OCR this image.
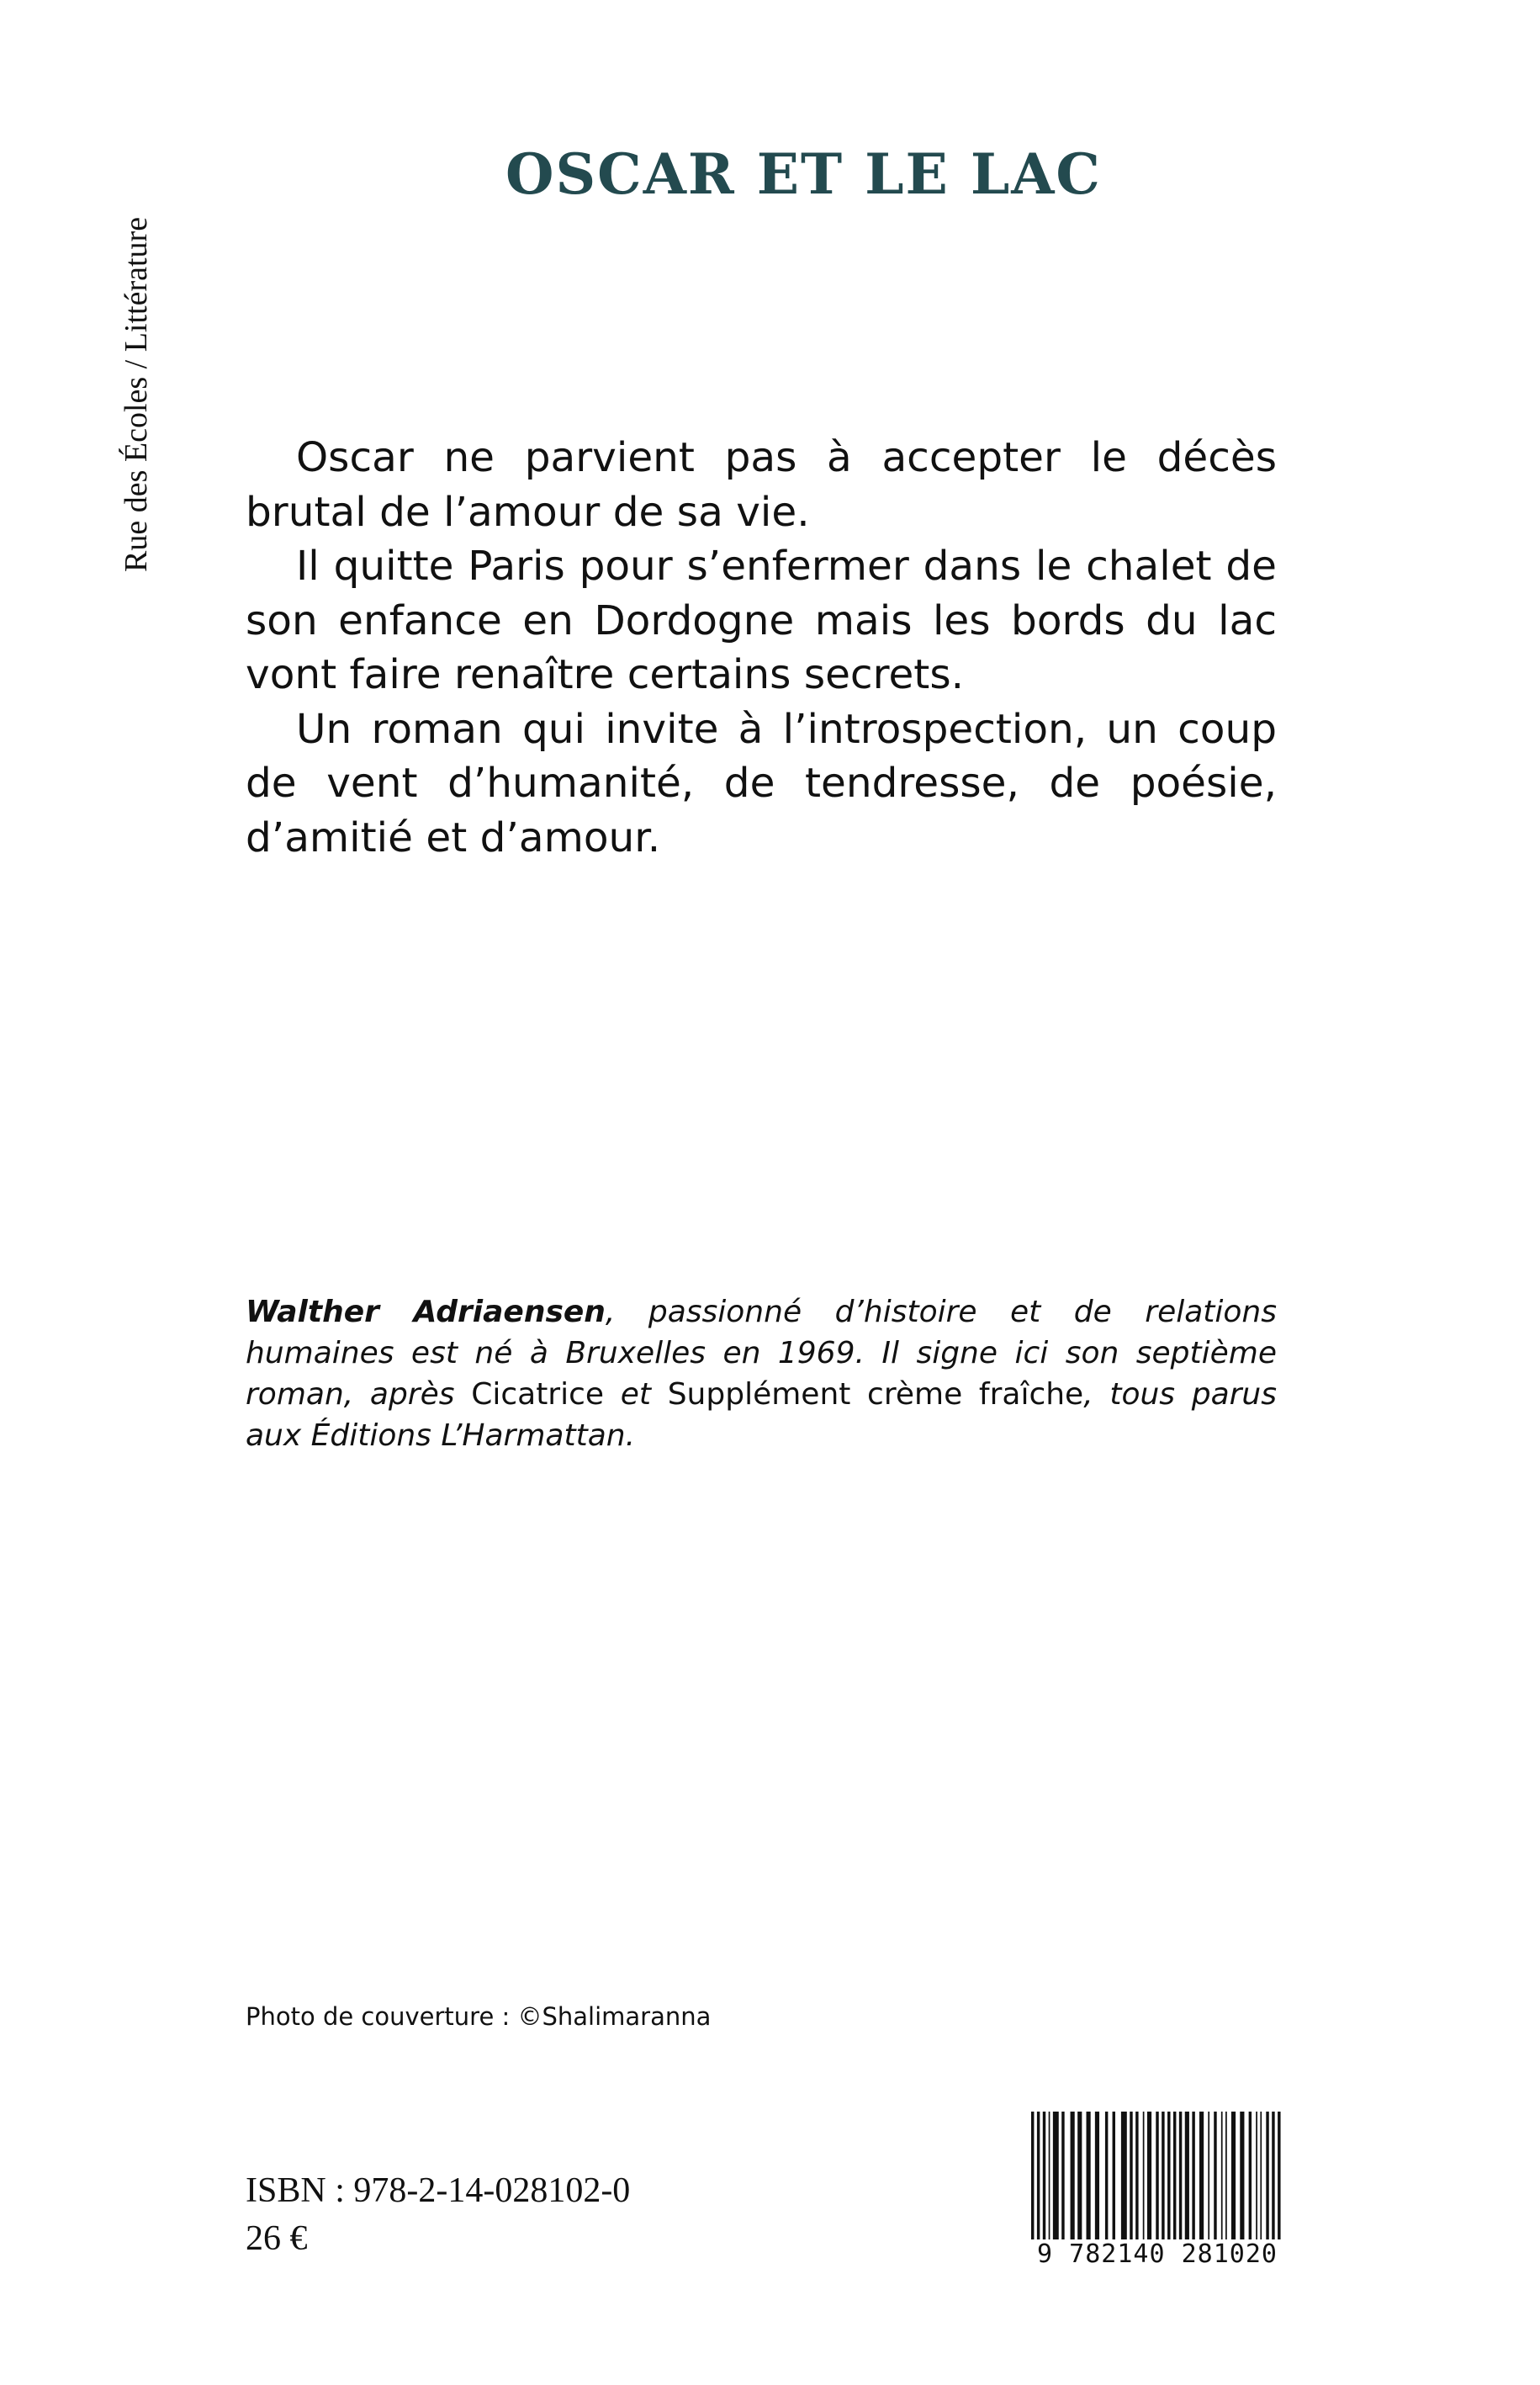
Rue des Écoles / Littérature
OSCAR ET LE LAC

Oscar ne parvient pas à accepter le décès brutal de l’amour de sa vie.

Il quitte Paris pour s’enfermer dans le chalet de son enfance en Dordogne mais les bords du lac vont faire renaître certains secrets.

Un roman qui invite à l’introspection, un coup de vent d’humanité, de tendresse, de poésie, d’amitié et d’amour.

Walther Adriaensen, passionné d’histoire et de relations humaines est né à Bruxelles en 1969. Il signe ici son septième roman, après Cicatrice et Supplément crème fraîche, tous parus aux Éditions L’Harmattan.

Photo de couverture : ©Shalimaranna
ISBN : 978-2-14-028102-0
26 €	9 782140 281020
